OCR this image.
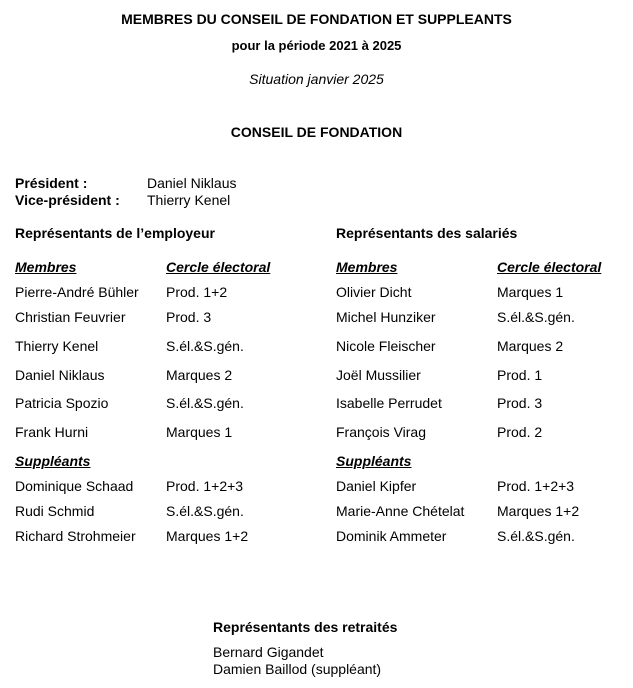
MEMBRES DU CONSEIL DE FONDATION ET SUPPLEANTS
pour la période 2021 à 2025
Situation janvier 2025
CONSEIL DE FONDATION
Président :	Daniel Niklaus
Vice-président : Thierry Kenel
Représentants de l’employeur
Membres	Cercle électoral
Pierre-André Bühler Prod. 1+2
Christian Feuvrier	Prod. 3
Thierry Kenel	S.él.&S.gén.
Daniel Niklaus	Marques 2
Patricia Spozio	S.él.&S.gén.
Frank Hurni	Marques 1
Suppléants
Dominique Schaad Prod. 1+2+3
Rudi Schmid	S.él.&S.gén.
Richard Strohmeier Marques 1+2
Représentants des salariés
Membres	Cercle électoral
Olivier Dicht	Marques 1
Michel Hunziker	S.él.&S.gén.
Nicole Fleischer	Marques 2
Joël Mussilier	Prod. 1
Isabelle Perrudet	Prod. 3
François Virag	Prod. 2
Suppléants
Daniel Kipfer	Prod. 1+2+3
Marie-Anne Chételat Marques 1+2
Dominik Ammeter	S.él.&S.gén.
Représentants des retraités
Bernard Gigandet
Damien Baillod (suppléant)
